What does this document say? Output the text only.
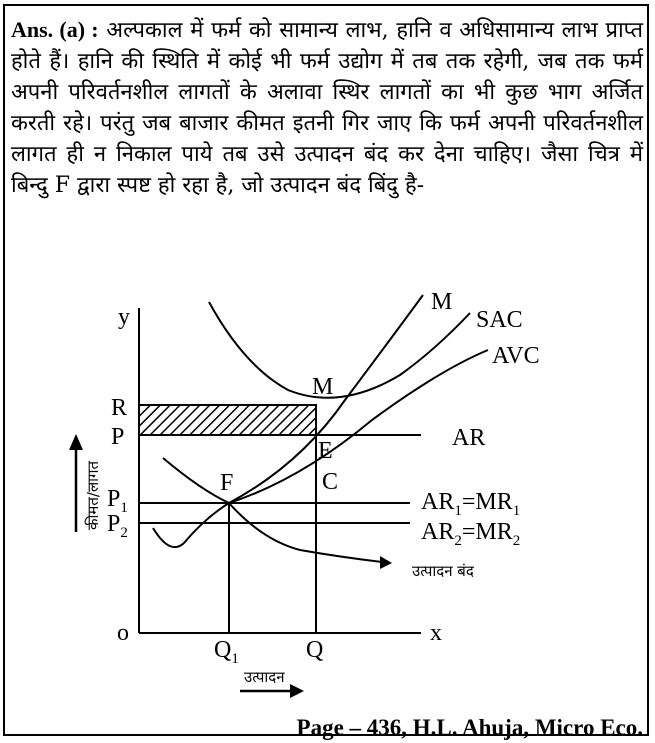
Ans. (a) : अल्पकाल में फर्म को सामान्य लाभ, हानि व अधिसामान्य लाभ प्राप्त होते हैं। हानि की स्थिति में कोई भी फर्म उद्योग में तब तक रहेगी, जब तक फर्म अपनी परिवर्तनशील लागतों के अलावा स्थिर लागतों का भी कुछ भाग अर्जित करती रहे। परंतु जब बाजार कीमत इतनी गिर जाए कि फर्म अपनी परिवर्तनशील लागत ही न निकाल पाये तब उसे उत्पादन बंद कर देना चाहिए। जैसा चित्र में बिन्दु F द्वारा स्पष्ट हो रहा है, जो उत्पादन बंद बिंदु है-
y
x
o
कीमत/लागत
उत्पादन
M
SAC
AVC
R
P
$P_1$
$P_2$
AR
$AR_1=MR_1$
$AR_2=MR_2$
M
E
C
F
$Q_1$	Q
उत्पादन बंद
Page – 436, H.L. Ahuja, Micro Eco.
